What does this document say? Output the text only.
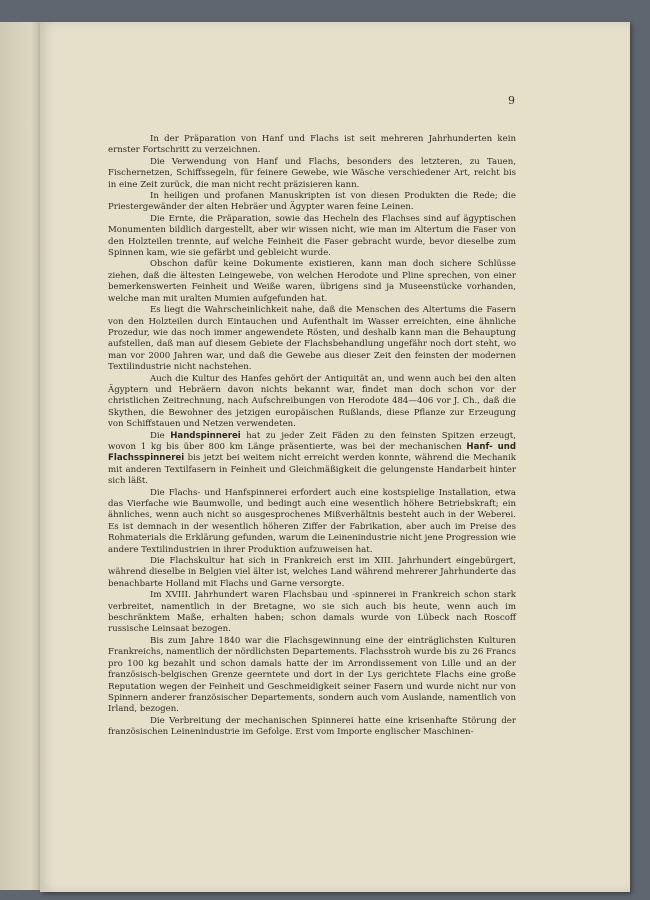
9

In der Präparation von Hanf und Flachs ist seit mehreren Jahrhunderten kein ernster Fortschritt zu verzeichnen.

Die Verwendung von Hanf und Flachs, besonders des letzteren, zu Tauen, Fischernetzen, Schiffssegeln, für feinere Gewebe, wie Wäsche verschiedener Art, reicht bis in eine Zeit zurück, die man nicht recht präzisieren kann.

In heiligen und profanen Manuskripten ist von diesen Produkten die Rede; die Priestergewänder der alten Hebräer und Ägypter waren feine Leinen.

Die Ernte, die Präparation, sowie das Hecheln des Flachses sind auf ägyptischen Monumenten bildlich dargestellt, aber wir wissen nicht, wie man im Altertum die Faser von den Holzteilen trennte, auf welche Feinheit die Faser gebracht wurde, bevor dieselbe zum Spinnen kam, wie sie gefärbt und gebleicht wurde.

Obschon dafür keine Dokumente existieren, kann man doch sichere Schlüsse ziehen, daß die ältesten Leingewebe, von welchen Herodote und Pline sprechen, von einer bemerkenswerten Feinheit und Weiße waren, übrigens sind ja Museenstücke vorhanden, welche man mit uralten Mumien aufgefunden hat.

Es liegt die Wahrscheinlichkeit nahe, daß die Menschen des Altertums die Fasern von den Holzteilen durch Eintauchen und Aufenthalt im Wasser erreichten, eine ähnliche Prozedur, wie das noch immer angewendete Rösten, und deshalb kann man die Behauptung aufstellen, daß man auf diesem Gebiete der Flachsbehandlung ungefähr noch dort steht, wo man vor 2000 Jahren war, und daß die Gewebe aus dieser Zeit den feinsten der modernen Textilindustrie nicht nachstehen.

Auch die Kultur des Hanfes gehört der Antiquität an, und wenn auch bei den alten Ägyptern und Hebräern davon nichts bekannt war, findet man doch schon vor der christlichen Zeitrechnung, nach Aufschreibungen von Herodote 484—406 vor J. Ch., daß die Skythen, die Bewohner des jetzigen europäischen Rußlands, diese Pflanze zur Erzeugung von Schiffstauen und Netzen verwendeten.

Die Handspinnerei hat zu jeder Zeit Fäden zu den feinsten Spitzen erzeugt, wovon 1 kg bis über 800 km Länge präsentierte, was bei der mechanischen Hanf- und Flachsspinnerei bis jetzt bei weitem nicht erreicht werden konnte, während die Mechanik mit anderen Textilfasern in Feinheit und Gleichmäßigkeit die gelungenste Handarbeit hinter sich läßt.

Die Flachs- und Hanfspinnerei erfordert auch eine kostspielige Installation, etwa das Vierfache wie Baumwolle, und bedingt auch eine wesentlich höhere Betriebskraft; ein ähnliches, wenn auch nicht so ausgesprochenes Mißverhältnis besteht auch in der Weberei. Es ist demnach in der wesentlich höheren Ziffer der Fabrikation, aber auch im Preise des Rohmaterials die Erklärung gefunden, warum die Leinenindustrie nicht jene Progression wie andere Textilindustrien in ihrer Produktion aufzuweisen hat.

Die Flachskultur hat sich in Frankreich erst im XIII. Jahrhundert eingebürgert, während dieselbe in Belgien viel älter ist, welches Land während mehrerer Jahrhunderte das benachbarte Holland mit Flachs und Garne versorgte.

Im XVIII. Jahrhundert waren Flachsbau und -spinnerei in Frankreich schon stark verbreitet, namentlich in der Bretagne, wo sie sich auch bis heute, wenn auch im beschränktem Maße, erhalten haben; schon damals wurde von Lübeck nach Roscoff russische Leinsaat bezogen.

Bis zum Jahre 1840 war die Flachsgewinnung eine der einträglichsten Kulturen Frankreichs, namentlich der nördlichsten Departements. Flachsstroh wurde bis zu 26 Francs pro 100 kg bezahlt und schon damals hatte der im Arrondissement von Lille und an der französisch-belgischen Grenze geerntete und dort in der Lys gerichtete Flachs eine große Reputation wegen der Feinheit und Geschmeidigkeit seiner Fasern und wurde nicht nur von Spinnern anderer französischer Departements, sondern auch vom Auslande, namentlich von Irland, bezogen.

Die Verbreitung der mechanischen Spinnerei hatte eine krisenhafte Störung der französischen Leinenindustrie im Gefolge. Erst vom Importe englischer Maschinen-
